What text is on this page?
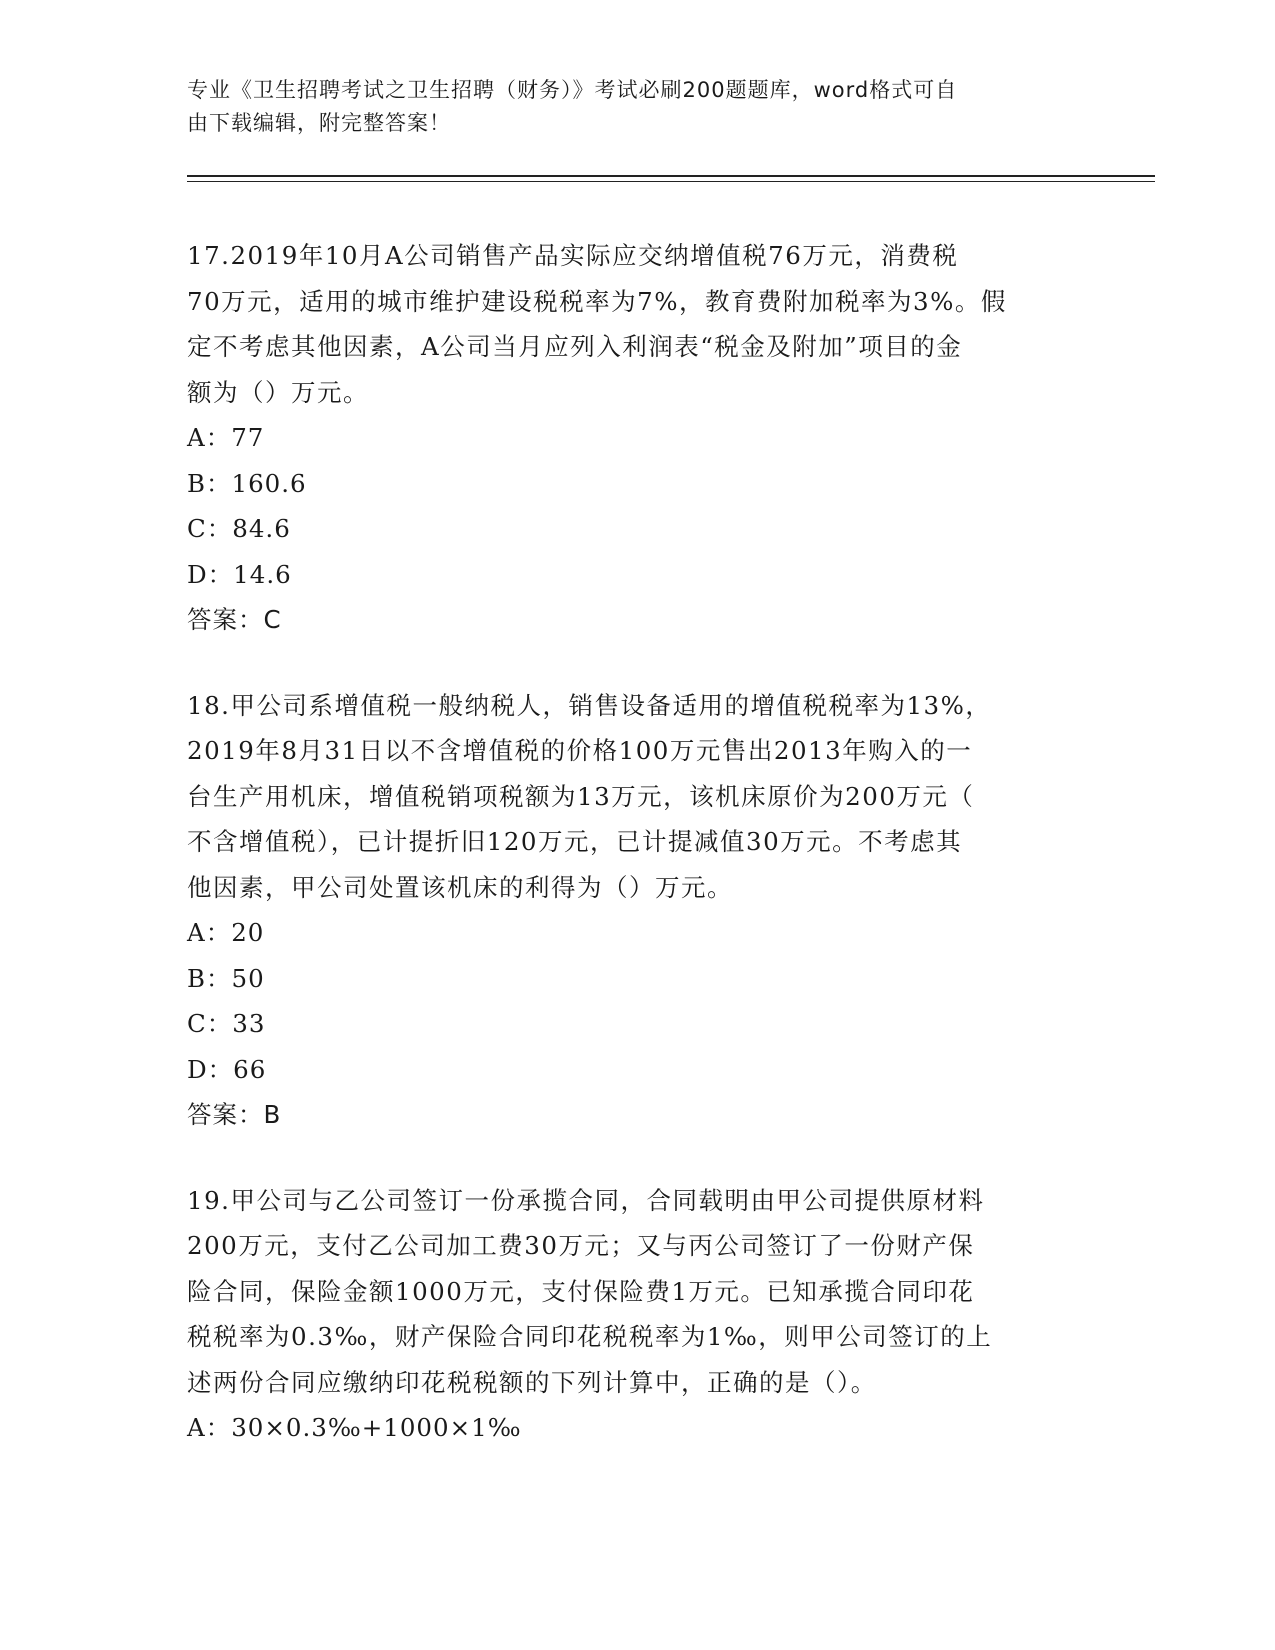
专业《卫生招聘考试之卫生招聘（财务）》考试必刷200题题库，word格式可自
由下载编辑，附完整答案！

17.2019年10月A公司销售产品实际应交纳增值税76万元，消费税

70万元，适用的城市维护建设税税率为7%，教育费附加税率为3%。假

定不考虑其他因素，A公司当月应列入利润表“税金及附加”项目的金

额为（）万元。

A：77

B：160.6

C：84.6

D：14.6

答案：C

18.甲公司系增值税一般纳税人，销售设备适用的增值税税率为13%，

2019年8月31日以不含增值税的价格100万元售出2013年购入的一

台生产用机床，增值税销项税额为13万元，该机床原价为200万元（

不含增值税），已计提折旧120万元，已计提减值30万元。不考虑其

他因素，甲公司处置该机床的利得为（）万元。

A：20

B：50

C：33

D：66

答案：B

19.甲公司与乙公司签订一份承揽合同，合同载明由甲公司提供原材料

200万元，支付乙公司加工费30万元；又与丙公司签订了一份财产保

险合同，保险金额1000万元，支付保险费1万元。已知承揽合同印花

税税率为0.3‰，财产保险合同印花税税率为1‰，则甲公司签订的上

述两份合同应缴纳印花税税额的下列计算中，正确的是（）。

A：30×0.3‰+1000×1‰
